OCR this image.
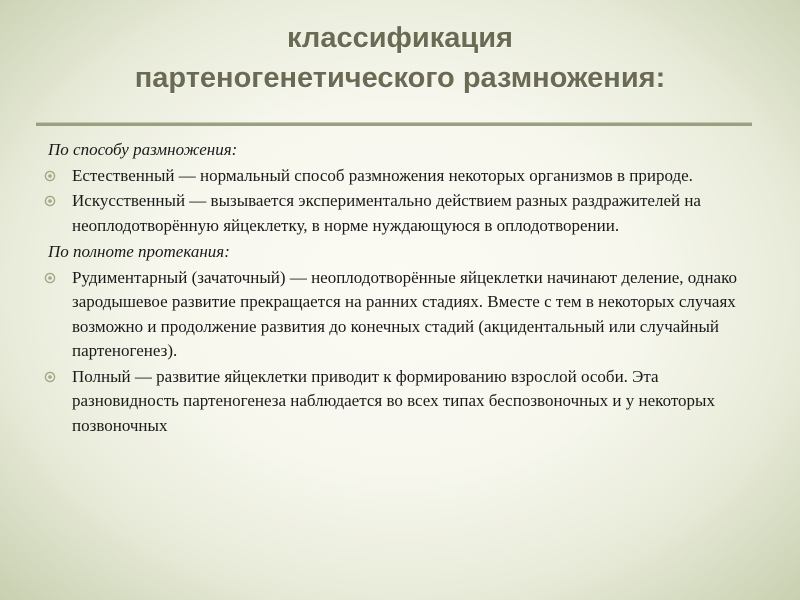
классификация
партеногенетического размножения:
По способу размножения:
Естественный — нормальный способ размножения некоторых организмов в природе.
Искусственный — вызывается экспериментально действием разных раздражителей на неоплодотворённую яйцеклетку, в норме нуждающуюся в оплодотворении.
По полноте протекания:
Рудиментарный (зачаточный) — неоплодотворённые яйцеклетки начинают деление, однако зародышевое развитие прекращается на ранних стадиях. Вместе с тем в некоторых случаях возможно и продолжение развития до конечных стадий (акцидентальный или случайный партеногенез).
Полный — развитие яйцеклетки приводит к формированию взрослой особи. Эта разновидность партеногенеза наблюдается во всех типах беспозвоночных и у некоторых позвоночных
